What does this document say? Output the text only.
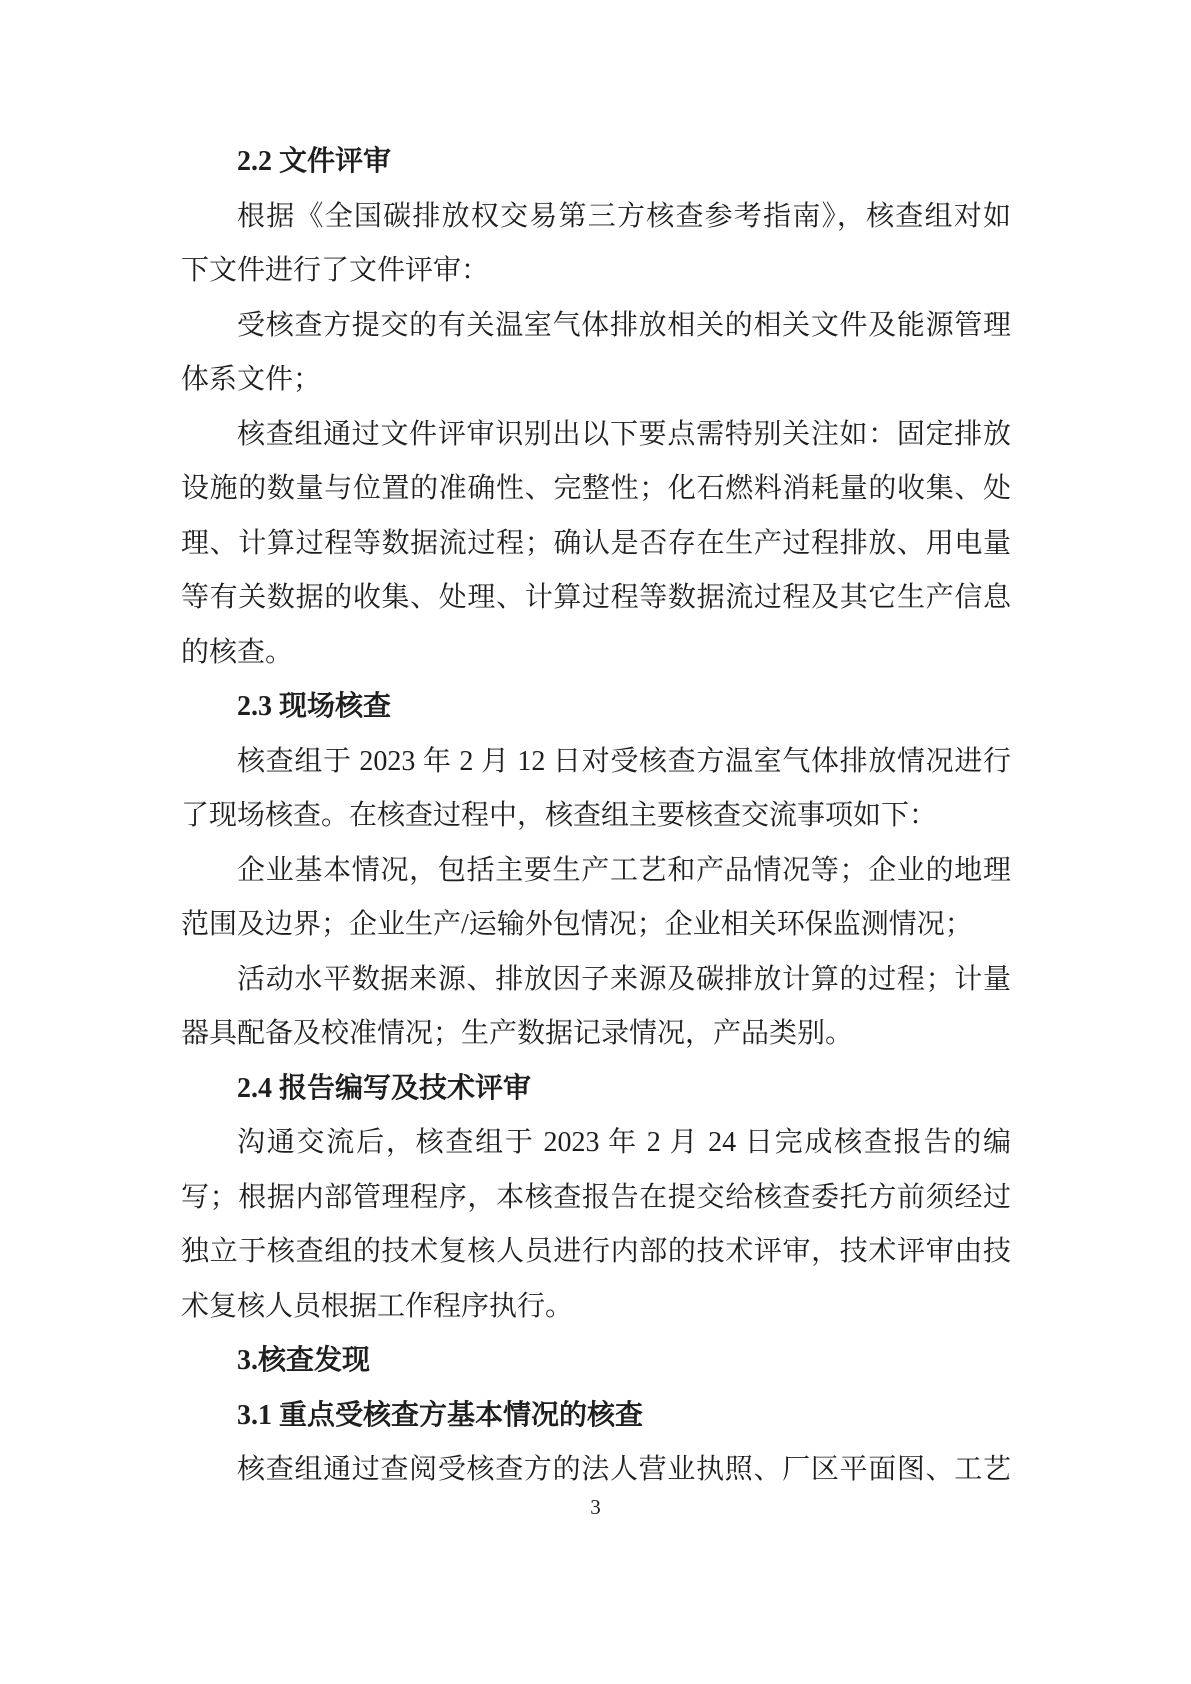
2.2 文件评审
根据《全国碳排放权交易第三方核查参考指南》，核查组对如
下文件进行了文件评审：
受核查方提交的有关温室气体排放相关的相关文件及能源管理
体系文件；
核查组通过文件评审识别出以下要点需特别关注如：固定排放
设施的数量与位置的准确性、完整性；化石燃料消耗量的收集、处
理、计算过程等数据流过程；确认是否存在生产过程排放、用电量
等有关数据的收集、处理、计算过程等数据流过程及其它生产信息
的核查。
2.3 现场核查
核查组于 2023 年 2 月 12 日对受核查方温室气体排放情况进行
了现场核查。在核查过程中，核查组主要核查交流事项如下：
企业基本情况，包括主要生产工艺和产品情况等；企业的地理
范围及边界；企业生产/运输外包情况；企业相关环保监测情况；
活动水平数据来源、排放因子来源及碳排放计算的过程；计量
器具配备及校准情况；生产数据记录情况，产品类别。
2.4 报告编写及技术评审
沟通交流后，核查组于 2023 年 2 月 24 日完成核查报告的编
写；根据内部管理程序，本核查报告在提交给核查委托方前须经过
独立于核查组的技术复核人员进行内部的技术评审，技术评审由技
术复核人员根据工作程序执行。
3.核查发现
3.1 重点受核查方基本情况的核查
核查组通过查阅受核查方的法人营业执照、厂区平面图、工艺
3
